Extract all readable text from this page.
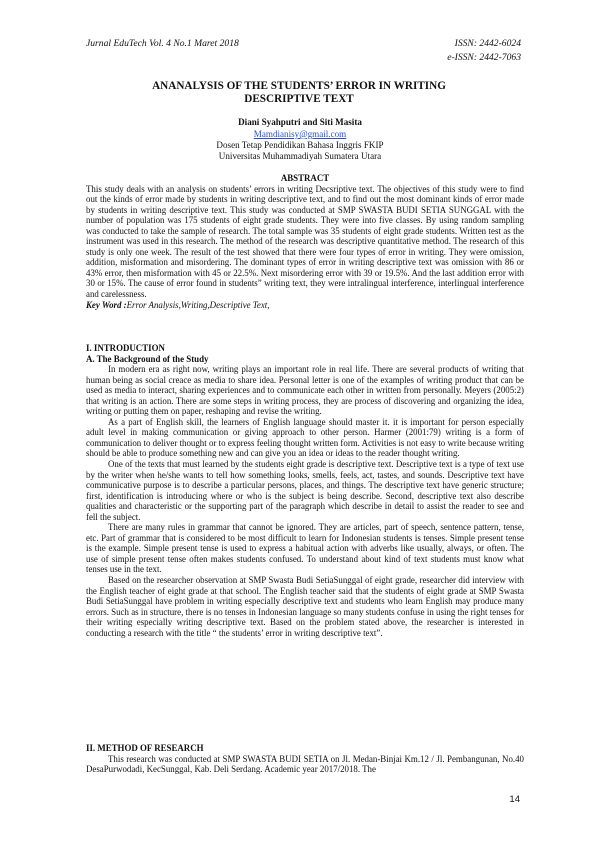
Jurnal EduTech Vol. 4 No.1 Maret 2018	ISSN: 2442-6024
e-ISSN: 2442-7063
ANANALYSIS OF THE STUDENTS’ ERROR IN WRITING
DESCRIPTIVE TEXT
Diani Syahputri and Siti Masita
Mamdianisy@gmail.com
Dosen Tetap Pendidikan Bahasa Inggris FKIP
Universitas Muhammadiyah Sumatera Utara

ABSTRACT

This study deals with an analysis on students’ errors in writing Decsriptive text. The objectives of this study were to find out the kinds of error made by students in writing descriptive text, and to find out the most dominant kinds of error made by students in writing descriptive text. This study was conducted at SMP SWASTA BUDI SETIA SUNGGAL with the number of population was 175 students of eight grade students. They were into five classes. By using random sampling was conducted to take the sample of research. The total sample was 35 students of eight grade students. Written test as the instrument was used in this research. The method of the research was descriptive quantitative method. The research of this study is only one week. The result of the test showed that there were four types of error in writing. They were omission, addition, misformation and misordering. The dominant types of error in writing descriptive text was omission with 86 or 43% error, then misformation with 45 or 22.5%. Next misordering error with 39 or 19.5%. And the last addition error with 30 or 15%. The cause of error found in students” writing text, they were intralingual interference, interlingual interference and carelessness.

Key Word :Error Analysis,Writing,Descriptive Text,

I. INTRODUCTION

A. The Background of the Study

In modern era as right now, writing plays an important role in real life. There are several products of writing that human being as social creace as media to share idea. Personal letter is one of the examples of writing product that can be used as media to interact, sharing experiences and to communicate each other in written from personally. Meyers (2005:2) that writing is an action. There are some steps in writing process, they are process of discovering and organizing the idea, writing or putting them on paper, reshaping and revise the writing.

As a part of English skill, the learners of English language should master it. it is important for person especially adult level in making communication or giving approach to other person. Harmer (2001:79) writing is a form of communication to deliver thought or to express feeling thought written form. Activities is not easy to write because writing should be able to produce something new and can give you an idea or ideas to the reader thought writing.

One of the texts that must learned by the students eight grade is descriptive text. Descriptive text is a type of text use by the writer when he/she wants to tell how something looks, smells, feels, act, tastes, and sounds. Descriptive text have communicative purpose is to describe a particular persons, places, and things. The descriptive text have generic structure; first, identification is introducing where or who is the subject is being describe. Second, descriptive text also describe qualities and characteristic or the supporting part of the paragraph which describe in detail to assist the reader to see and fell the subject.

There are many rules in grammar that cannot be ignored. They are articles, part of speech, sentence pattern, tense, etc. Part of grammar that is considered to be most difficult to learn for Indonesian students is tenses. Simple present tense is the example. Simple present tense is used to express a habitual action with adverbs like usually, always, or often. The use of simple present tense often makes students confused. To understand about kind of text students must know what tenses use in the text.

Based on the researcher observation at SMP Swasta Budi SetiaSunggal of eight grade, researcher did interview with the English teacher of eight grade at that school. The English teacher said that the students of eight grade at SMP Swasta Budi SetiaSunggal have problem in writing especially descriptive text and students who learn English may produce many errors. Such as in structure, there is no tenses in Indonesian language so many students confuse in using the right tenses for their writing especially writing descriptive text. Based on the problem stated above, the researcher is interested in conducting a research with the title “ the students’ error in writing descriptive text”.

II. METHOD OF RESEARCH

This research was conducted at SMP SWASTA BUDI SETIA on Jl. Medan-Binjai Km.12 / Jl. Pembangunan, No.40 DesaPurwodadi, KecSunggal, Kab. Deli Serdang. Academic year 2017/2018. The

14
